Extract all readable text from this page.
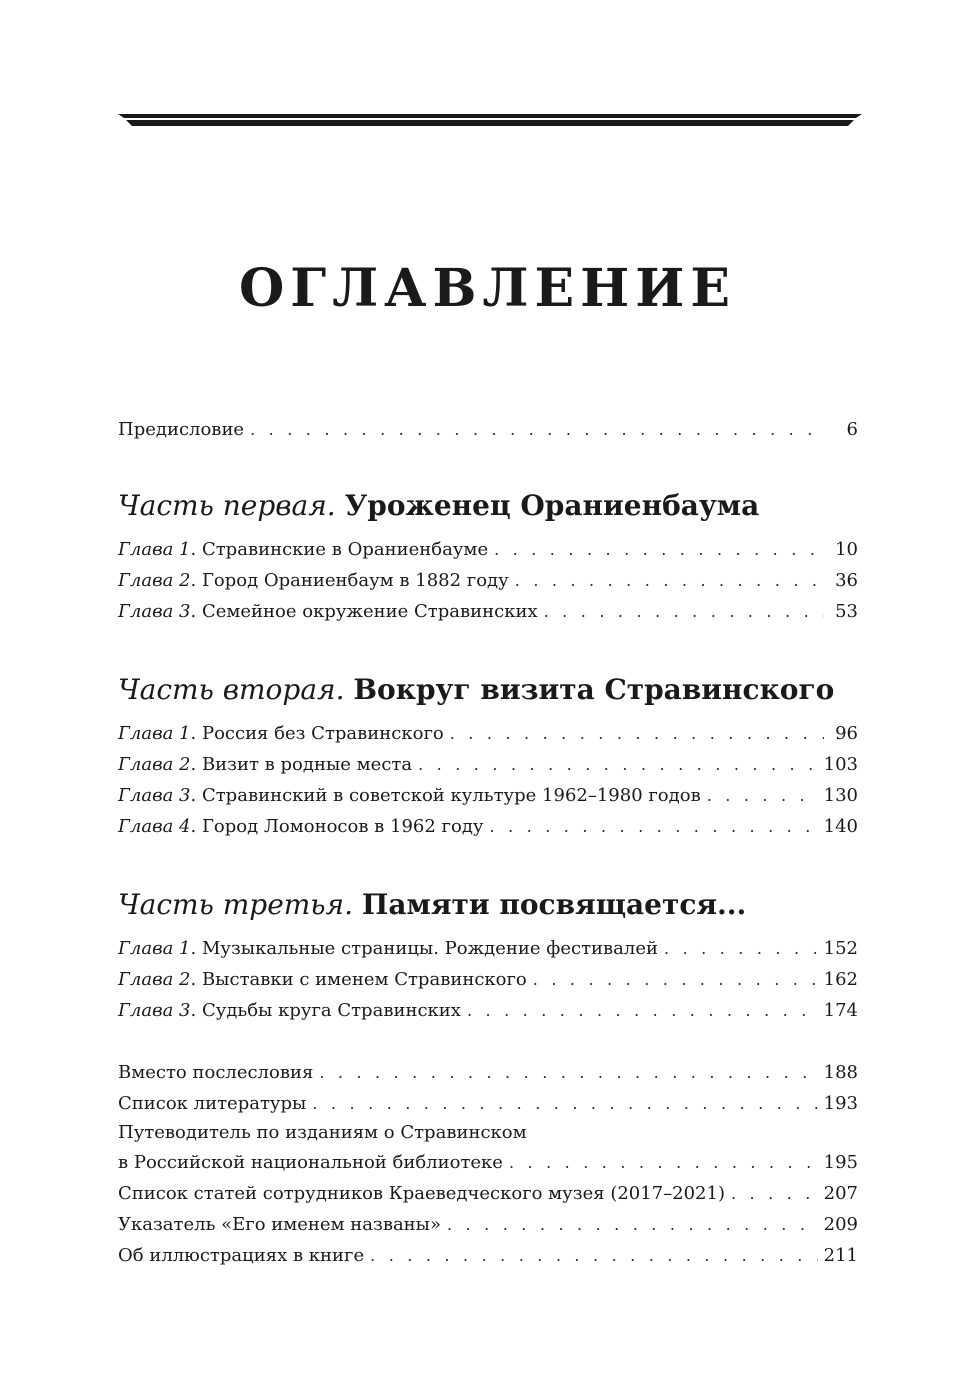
ОГЛАВЛЕНИЕ
Предисловие . . .	6
Часть первая. Уроженец Ораниенбаума
Глава 1. Стравинские в Ораниенбауме . . .	10
Глава 2. Город Ораниенбаум в 1882 году . . .	36
Глава 3. Семейное окружение Стравинских . . .	53
Часть вторая. Вокруг визита Стравинского
Глава 1. Россия без Стравинского . . .	96
Глава 2. Визит в родные места . . .	103
Глава 3. Стравинский в советской культуре 1962–1980 годов . . .	130
Глава 4. Город Ломоносов в 1962 году . . .	140
Часть третья. Памяти посвящается...
Глава 1. Музыкальные страницы. Рождение фестивалей . . .	152
Глава 2. Выставки с именем Стравинского . . .	162
Глава 3. Судьбы круга Стравинских . . .	174
Вместо послесловия . . .	188
Список литературы . . .	193
Путеводитель по изданиям о Стравинском
в Российской национальной библиотеке . . .	195
Список статей сотрудников Краеведческого музея (2017–2021) . . .	207
Указатель «Его именем названы» . . .	209
Об иллюстрациях в книге . . .	211
